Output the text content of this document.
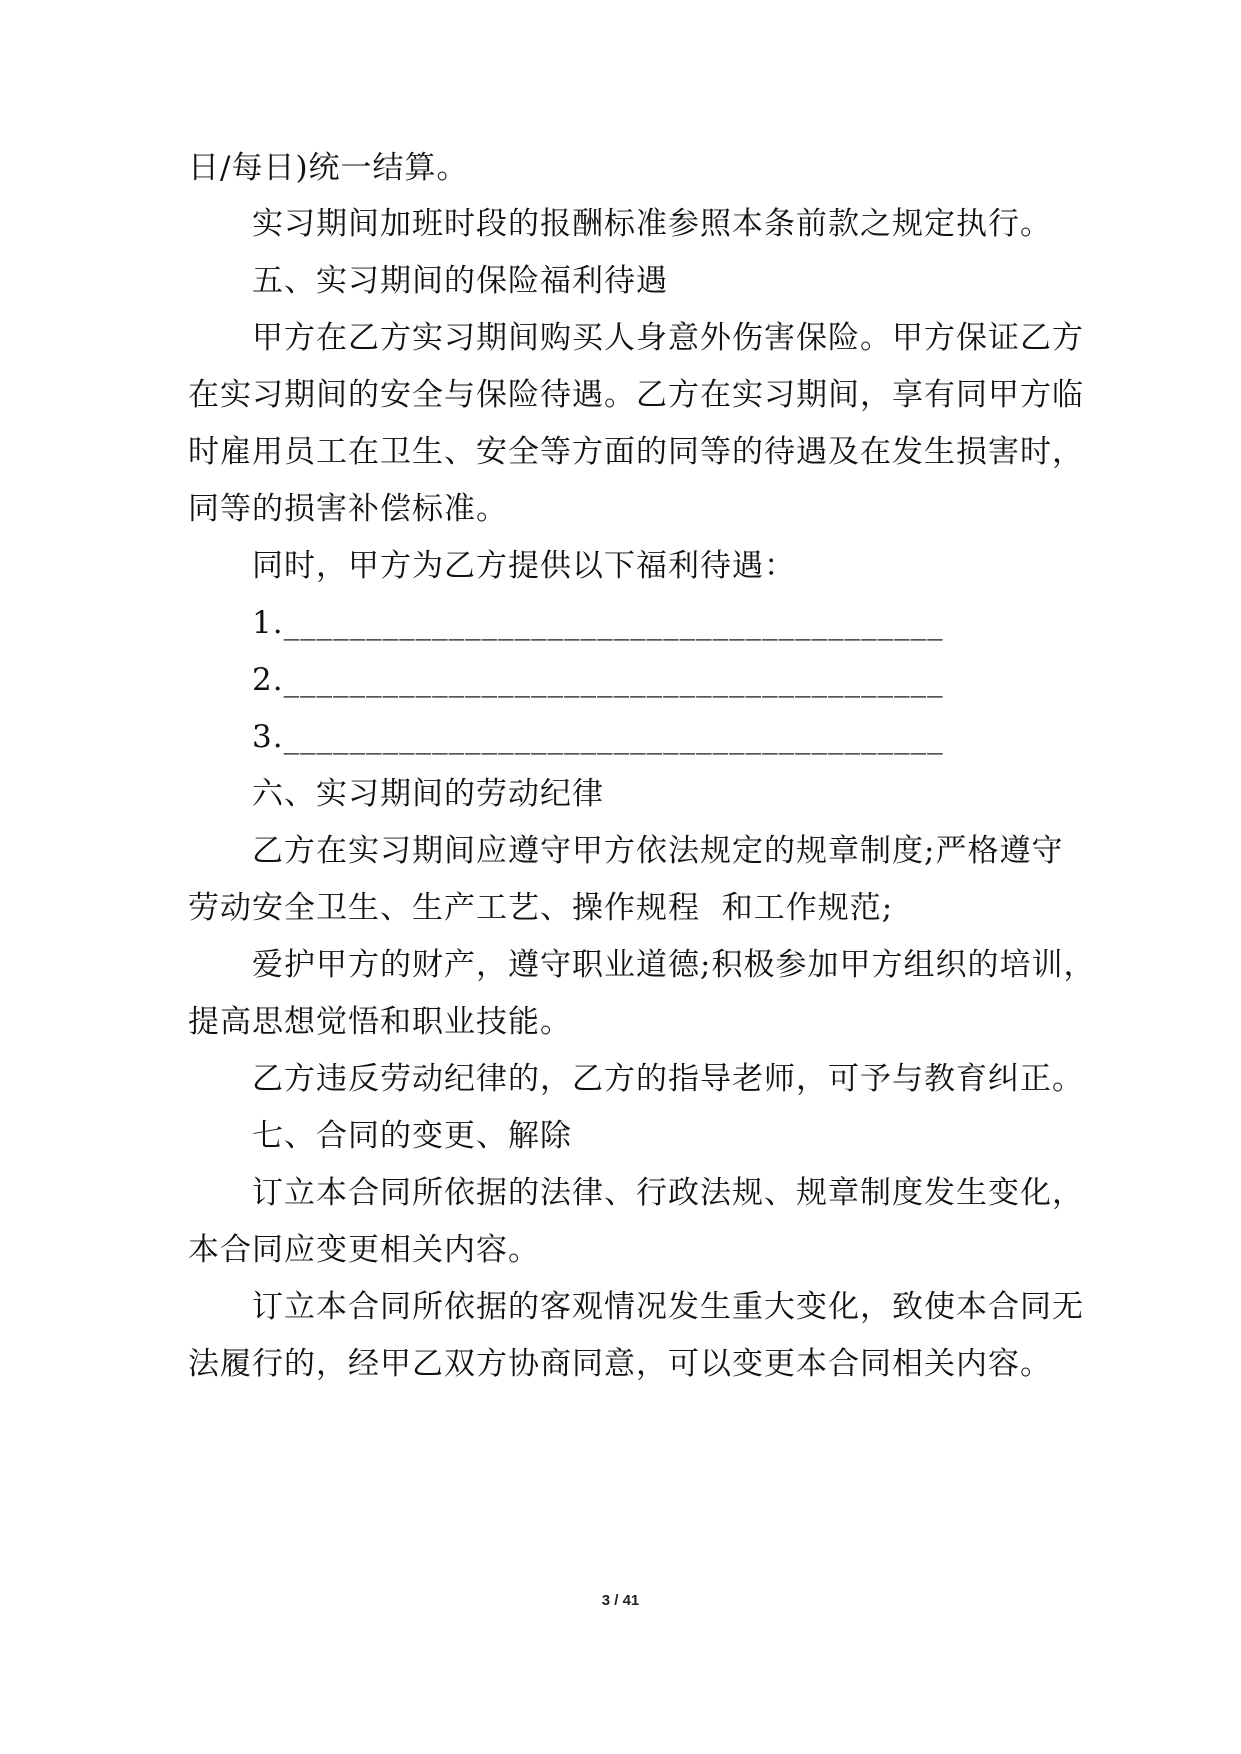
日/每日)统一结算。
实习期间加班时段的报酬标准参照本条前款之规定执行。
五、实习期间的保险福利待遇
甲方在乙方实习期间购买人身意外伤害保险。甲方保证乙方
在实习期间的安全与保险待遇。乙方在实习期间，享有同甲方临
时雇用员工在卫生、安全等方面的同等的待遇及在发生损害时，
同等的损害补偿标准。
同时，甲方为乙方提供以下福利待遇：
1.________________________________________
2.________________________________________
3.________________________________________
六、实习期间的劳动纪律
乙方在实习期间应遵守甲方依法规定的规章制度;严格遵守
劳动安全卫生、生产工艺、操作规程  和工作规范;
爱护甲方的财产，遵守职业道德;积极参加甲方组织的培训，
提高思想觉悟和职业技能。
乙方违反劳动纪律的，乙方的指导老师，可予与教育纠正。
七、合同的变更、解除
订立本合同所依据的法律、行政法规、规章制度发生变化，
本合同应变更相关内容。
订立本合同所依据的客观情况发生重大变化，致使本合同无
法履行的，经甲乙双方协商同意，可以变更本合同相关内容。
3 / 41
